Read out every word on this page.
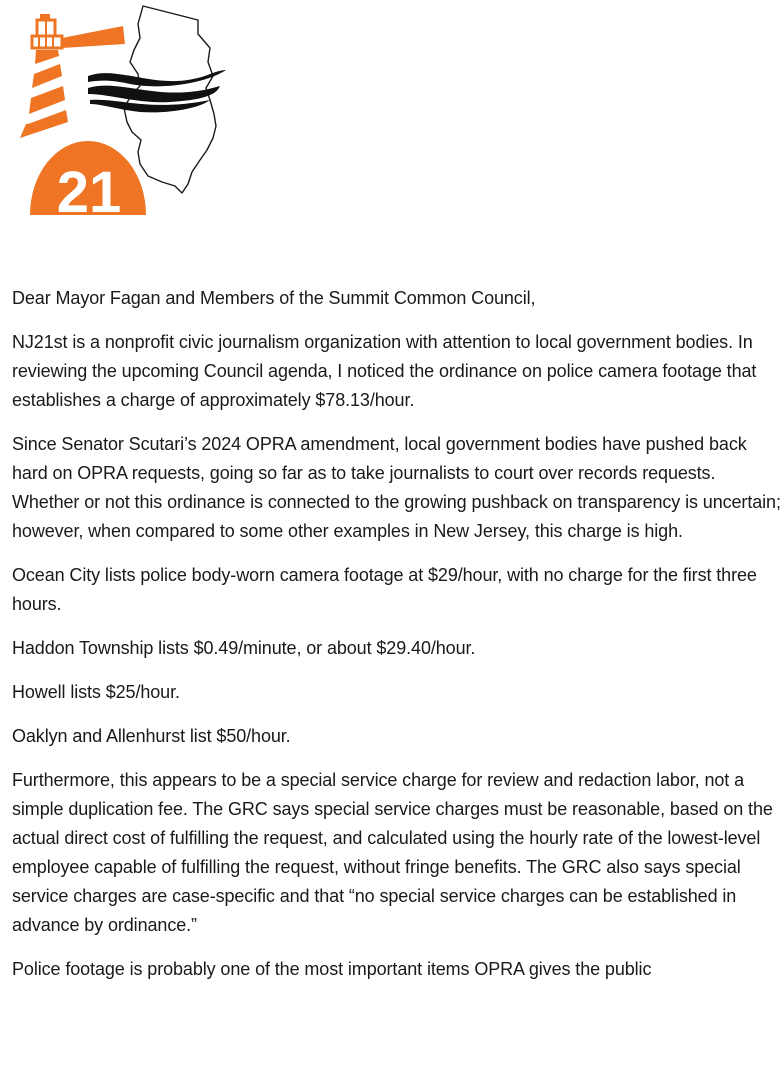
21

Dear Mayor Fagan and Members of the Summit Common Council,

NJ21st is a nonprofit civic journalism organization with attention to local government bodies. In reviewing the upcoming Council agenda, I noticed the ordinance on police camera footage that establishes a charge of approximately $78.13/hour.

Since Senator Scutari’s 2024 OPRA amendment, local government bodies have pushed back hard on OPRA requests, going so far as to take journalists to court over records requests. Whether or not this ordinance is connected to the growing pushback on transparency is uncertain; however, when compared to some other examples in New Jersey, this charge is high.

Ocean City lists police body-worn camera footage at $29/hour, with no charge for the first three hours.

Haddon Township lists $0.49/minute, or about $29.40/hour.

Howell lists $25/hour.

Oaklyn and Allenhurst list $50/hour.

Furthermore, this appears to be a special service charge for review and redaction labor, not a simple duplication fee. The GRC says special service charges must be reasonable, based on the actual direct cost of fulfilling the request, and calculated using the hourly rate of the lowest-level employee capable of fulfilling the request, without fringe benefits. The GRC also says special service charges are case-specific and that “no special service charges can be established in advance by ordinance.”

Police footage is probably one of the most important items OPRA gives the public
